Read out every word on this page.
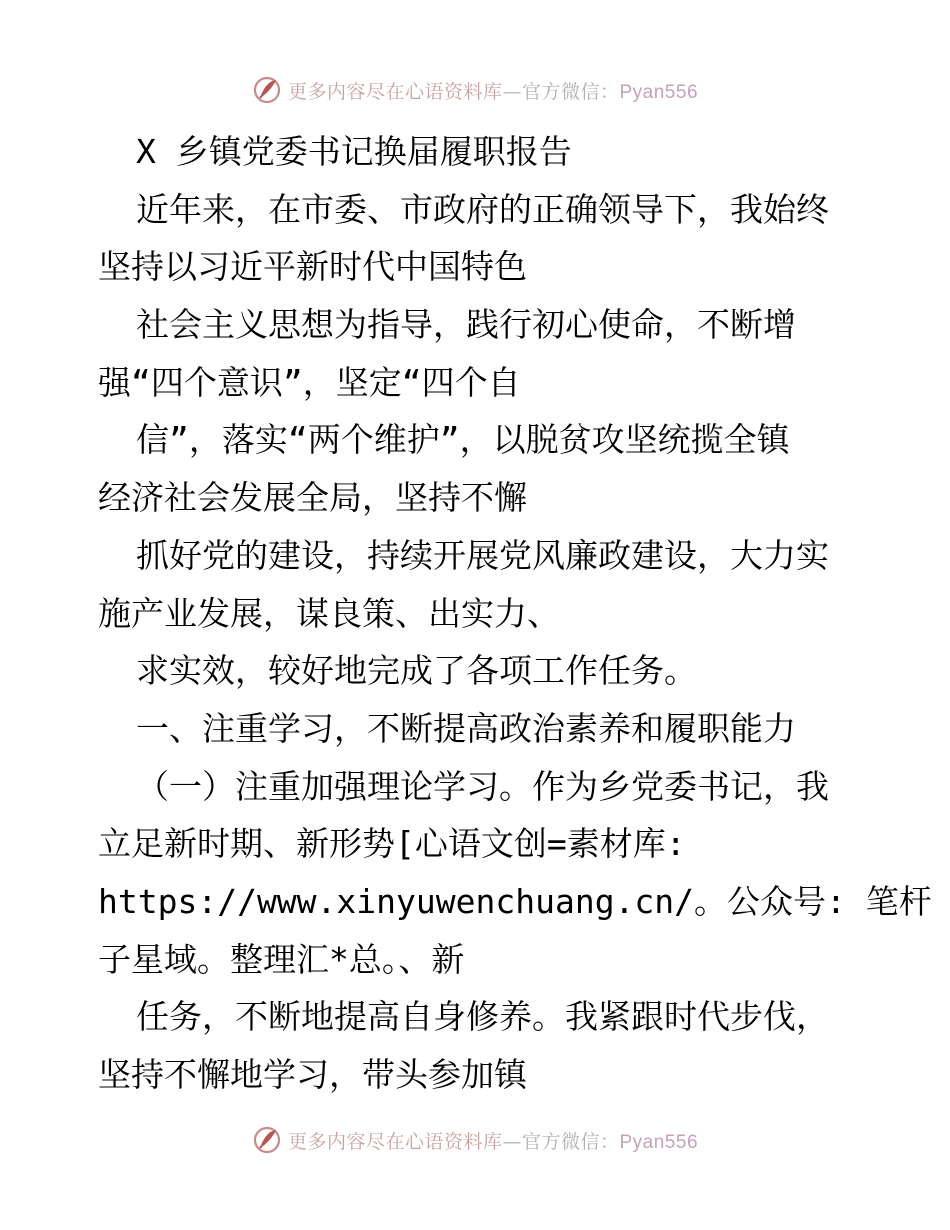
更多内容尽在心语资料库—官方微信：Pyan556
X 乡镇党委书记换届履职报告
近年来，在市委、市政府的正确领导下，我始终
坚持以习近平新时代中国特色
社会主义思想为指导，践行初心使命，不断增
强“四个意识”，坚定“四个自
信”，落实“两个维护”，以脱贫攻坚统揽全镇
经济社会发展全局，坚持不懈
抓好党的建设，持续开展党风廉政建设，大力实
施产业发展，谋良策、出实力、
求实效，较好地完成了各项工作任务。
一、注重学习，不断提高政治素养和履职能力
（一）注重加强理论学习。作为乡党委书记，我
立足新时期、新形势[心语文创=素材库:
https://www.xinyuwenchuang.cn/。公众号: 笔杆
子星域。整理汇*总。、新
任务，不断地提高自身修养。我紧跟时代步伐，
坚持不懈地学习，带头参加镇
更多内容尽在心语资料库—官方微信：Pyan556
